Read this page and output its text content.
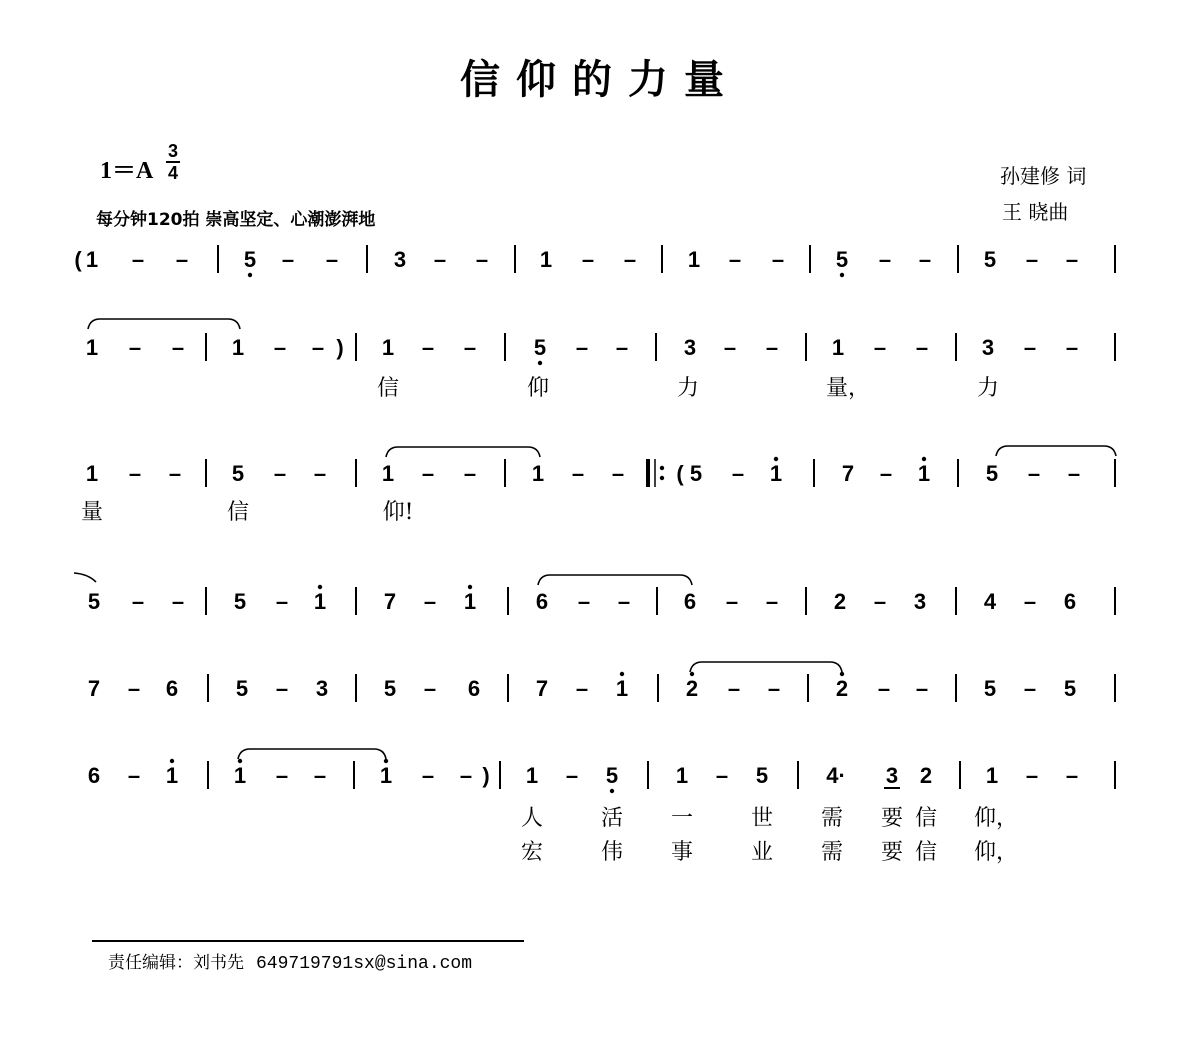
信仰的力量
1＝A
3
4
每分钟120拍 崇高坚定、心潮澎湃地
孙建修 词
王 晓曲
( 1 – –	5 – –	3 – – 1 – – 1 – – 5 – – 5 – –
1 – – 1 – – ) 1 – –	5 – –	3 – – 1 – – 3 – –
信	仰	力	量，	力
1 – – 5 – –	1 – –	1 – – ( 5 – 1	7 – 1	5 – –
量	信	仰!
5 – – 5 – 1	7 – 1	6 – – 6 – –	2 – 3	4 – 6
7 – 6	5 – 3	5 – 6	7 – 1	2 – –	2 – –	5 – 5
6 – 1	1 – – 1 – – ) 1 – 5	1 – 5	4· 3 2 1 – –
人	活 一	世 需 要 信 仰，
宏	伟 事	业 需 要 信 仰，
责任编辑：刘书先 649719791sx@sina.com
